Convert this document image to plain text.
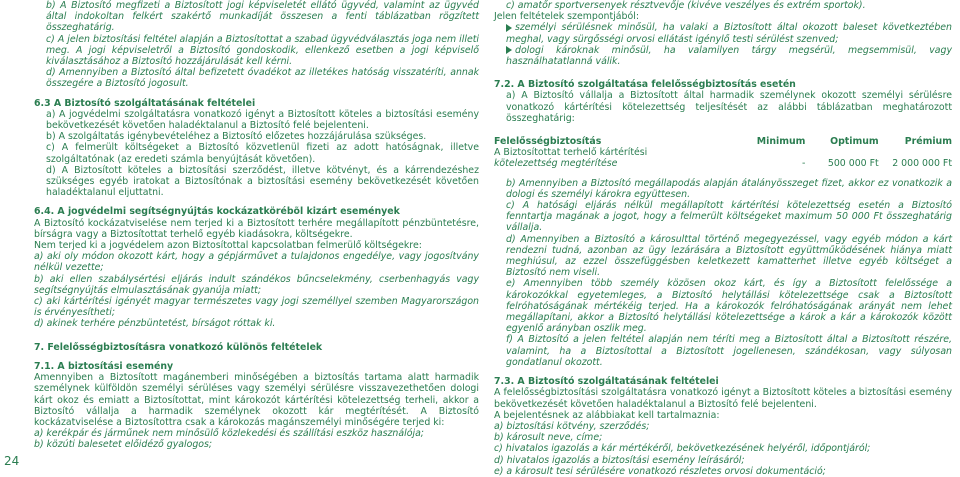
b) A Biztosító megfizeti a Biztosított jogi képviseletét ellátó ügyvéd, valamint az ügyvéd által indokoltan felkért szakértő munkadíját összesen a fenti táblázatban rögzített összeghatárig.

c) A jelen biztosítási feltétel alapján a Biztosítottat a szabad ügyvédválasztás joga nem illeti meg. A jogi képviseletről a Biztosító gondoskodik, ellenkező esetben a jogi képviselő kiválasztásához a Biztosító hozzájárulását kell kérni.

d) Amennyiben a Biztosító által befizetett óvadékot az illetékes hatóság visszatéríti, annak összegére a Biztosító jogosult.

6.3 A Biztosító szolgáltatásának feltételei

a) A jogvédelmi szolgáltatásra vonatkozó igényt a Biztosított köteles a biztosítási esemény bekövetkezését követően haladéktalanul a Biztosító felé bejelenteni.

b) A szolgáltatás igénybevételéhez a Biztosító előzetes hozzájárulása szükséges.

c) A felmerült költségeket a Biztosító közvetlenül fizeti az adott hatóságnak, illetve szolgáltatónak (az eredeti számla benyújtását követően).

d) A Biztosított köteles a biztosítási szerződést, illetve kötvényt, és a kárrendezéshez szükséges egyéb iratokat a Biztosítónak a biztosítási esemény bekövetkezését követően haladéktalanul eljuttatni.

6.4. A jogvédelmi segítségnyújtás kockázatkörébõl kizárt események

A Biztosító kockázatviselése nem terjed ki a Biztosított terhére megállapított pénzbüntetésre, bírságra vagy a Biztosítottat terhelő egyéb kiadásokra, költségekre.

Nem terjed ki a jogvédelem azon Biztosítottal kapcsolatban felmerülő költségekre:

a) aki oly módon okozott kárt, hogy a gépjárművet a tulajdonos engedélye, vagy jogosítvány nélkül vezette;

b) aki ellen szabálysértési eljárás indult szándékos bűncselekmény, cserbenhagyás vagy segítségnyújtás elmulasztásának gyanúja miatt;

c) aki kártérítési igényét magyar természetes vagy jogi személlyel szemben Magyarországon is érvényesítheti;

d) akinek terhére pénzbüntetést, bírságot róttak ki.

7. Felelősségbiztosításra vonatkozó különös feltételek

7.1. A biztosítási esemény

Amennyiben a Biztosított magánemberi minőségében a biztosítás tartama alatt harmadik személynek külföldön személyi sérüléses vagy személyi sérülésre visszavezethetően dologi kárt okoz és emiatt a Biztosítottat, mint károkozót kártérítési kötelezettség terheli, akkor a Biztosító vállalja a harmadik személynek okozott kár megtérítését. A Biztosító kockázatviselése a Biztosítottra csak a károkozás magánszemélyi minőségére terjed ki:

a) kerékpár és járműnek nem minősülő közlekedési és szállítási eszköz használója;

b) közúti balesetet előidéző gyalogos;

c) amatőr sportversenyek résztvevője (kivéve veszélyes és extrém sportok).

Jelen feltételek szempontjából:

személyi sérülésnek minősül, ha valaki a Biztosított által okozott baleset következtében meghal, vagy sürgősségi orvosi ellátást igénylő testi sérülést szenved;

dologi károknak minősül, ha valamilyen tárgy megsérül, megsemmisül, vagy használhatatlanná válik.

7.2. A Biztosító szolgáltatása felelősségbiztosítás esetén

a) A Biztosító vállalja a Biztosított által harmadik személynek okozott személyi sérülésre vonatkozó kártérítési kötelezettség teljesítését az alábbi táblázatban meghatározott összeghatárig:

Felelősségbiztosítás	Minimum	Optimum	Prémium
A Biztosítottat terhelő kártérítési
kötelezettség megtérítése	-	500 000 Ft	2 000 000 Ft

b) Amennyiben a Biztosító megállapodás alapján átalányösszeget fizet, akkor ez vonatkozik a dologi és személyi károkra együttesen.

c) A hatósági eljárás nélkül megállapított kártérítési kötelezettség esetén a Biztosító fenntartja magának a jogot, hogy a felmerült költségeket maximum 50 000 Ft összeghatárig vállalja.

d) Amennyiben a Biztosító a károsulttal történő megegyezéssel, vagy egyéb módon a kárt rendezni tudná, azonban az ügy lezárására a Biztosított együttműködésének hiánya miatt meghiúsul, az ezzel összefüggésben keletkezett kamatterhet illetve egyéb költséget a Biztosító nem viseli.

e) Amennyiben több személy közösen okoz kárt, és így a Biztosított felelőssége a károkozókkal egyetemleges, a Biztosító helytállási kötelezettsége csak a Biztosított felróhatóságának mértékéig terjed. Ha a károkozók felróhatóságának arányát nem lehet megállapítani, akkor a Biztosító helytállási kötelezettsége a károk a kár a károkozók között egyenlő arányban oszlik meg.

f) A Biztosító a jelen feltétel alapján nem téríti meg a Biztosított által a Biztosított részére, valamint, ha a Biztosítottal a Biztosított jogellenesen, szándékosan, vagy súlyosan gondatlanul okozott.

7.3. A Biztosító szolgáltatásának feltételei

A felelősségbiztosítási szolgáltatásra vonatkozó igényt a Biztosított köteles a biztosítási esemény bekövetkezését követően haladéktalanul a Biztosító felé bejelenteni.

A bejelentésnek az alábbiakat kell tartalmaznia:

a) biztosítási kötvény, szerződés;

b) károsult neve, címe;

c) hivatalos igazolás a kár mértékéről, bekövetkezésének helyéről, időpontjáról;

d) hivatalos igazolás a biztosítási esemény leírásáról;

e) a károsult tesi sérülésére vonatkozó részletes orvosi dokumentáció;

24
